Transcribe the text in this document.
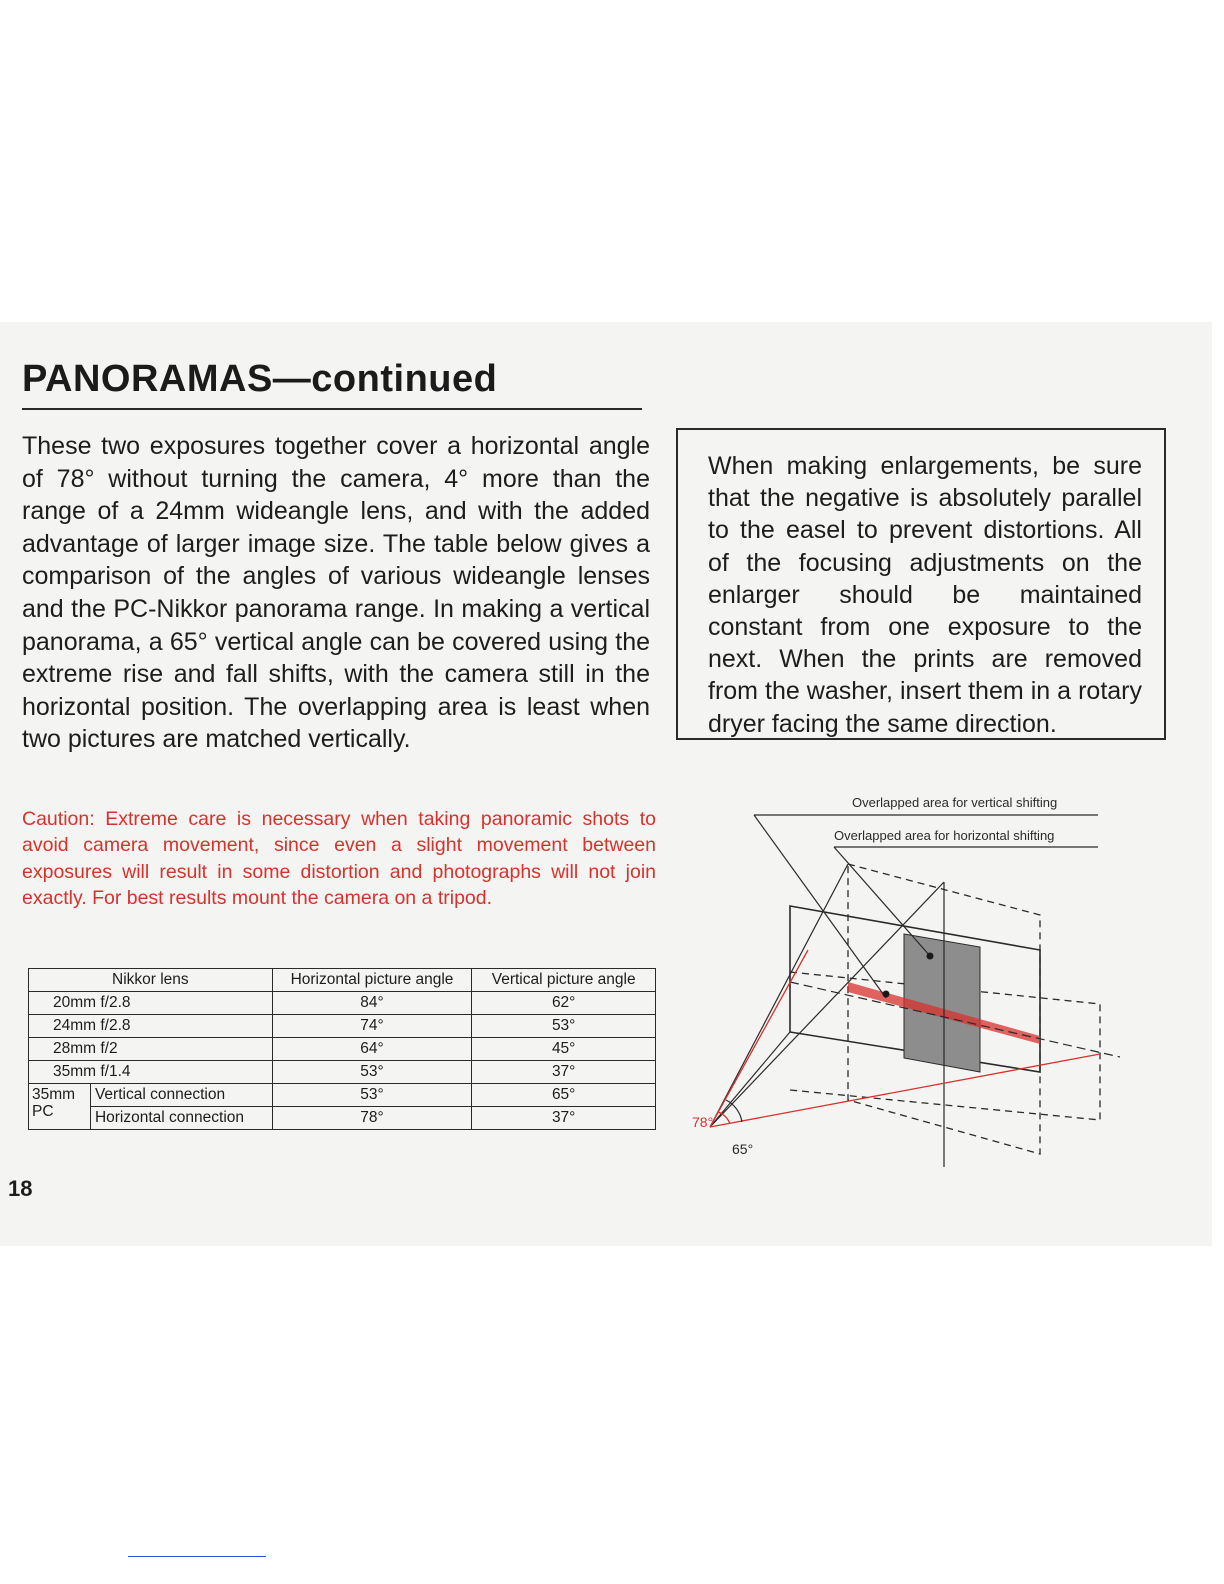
PANORAMAS—continued

These two exposures together cover a horizontal angle of 78° without turning the camera, 4° more than the range of a 24mm wideangle lens, and with the added advantage of larger image size. The table below gives a comparison of the angles of various wideangle lenses and the PC-Nikkor panorama range. In making a vertical panorama, a 65° vertical angle can be covered using the extreme rise and fall shifts, with the camera still in the horizontal position. The overlapping area is least when two pictures are matched vertically.

Caution: Extreme care is necessary when taking panoramic shots to avoid camera movement, since even a slight movement between exposures will result in some distortion and photographs will not join exactly. For best results mount the camera on a tripod.

When making enlargements, be sure that the negative is absolutely parallel to the easel to prevent distortions. All of the focusing adjustments on the enlarger should be maintained constant from one exposure to the next. When the prints are removed from the washer, insert them in a rotary dryer facing the same direction.

Nikkor lens		Horizontal picture angle	Vertical picture angle
20mm f/2.8		84°	62°
24mm f/2.8		74°	53°
28mm f/2		64°	45°
35mm f/1.4		53°	37°
35mm
PC	Vertical connection	53°	65°
	Horizontal connection	78°	37°
18
Overlapped area for vertical shifting
Overlapped area for horizontal shifting
78°
65°
